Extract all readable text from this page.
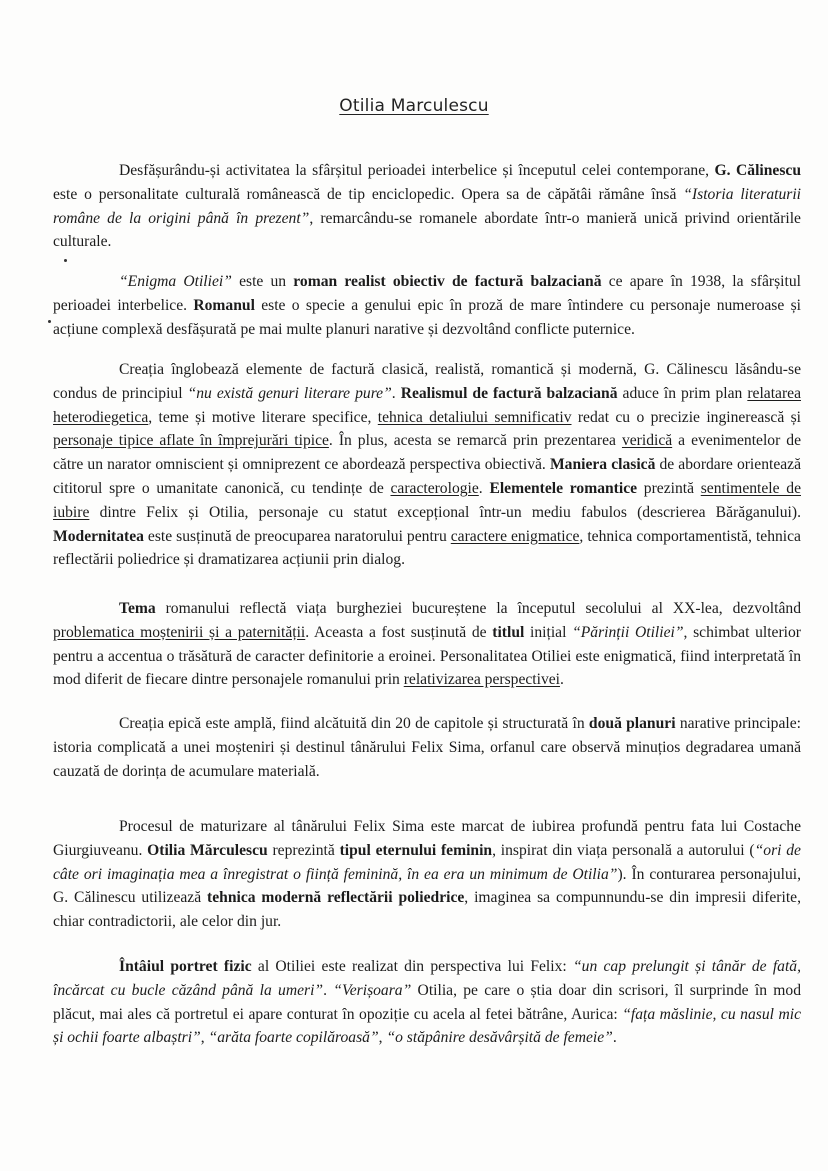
Otilia Marculescu
Desfășurându-și activitatea la sfârșitul perioadei interbelice și începutul celei contemporane, G. Călinescu este o personalitate culturală românească de tip enciclopedic. Opera sa de căpătâi rămâne însă “Istoria literaturii române de la origini până în prezent”, remarcându-se romanele abordate într-o manieră unică privind orientările culturale.
“Enigma Otiliei” este un roman realist obiectiv de factură balzaciană ce apare în 1938, la sfârșitul perioadei interbelice. Romanul este o specie a genului epic în proză de mare întindere cu personaje numeroase și acțiune complexă desfășurată pe mai multe planuri narative și dezvoltând conflicte puternice.
Creația înglobează elemente de factură clasică, realistă, romantică și modernă, G. Călinescu lăsându-se condus de principiul “nu există genuri literare pure”. Realismul de factură balzaciană aduce în prim plan relatarea heterodiegetica, teme și motive literare specifice, tehnica detaliului semnificativ redat cu o precizie inginerească și personaje tipice aflate în împrejurări tipice. În plus, acesta se remarcă prin prezentarea veridică a evenimentelor de către un narator omniscient și omniprezent ce abordează perspectiva obiectivă. Maniera clasică de abordare orientează cititorul spre o umanitate canonică, cu tendințe de caracterologie. Elementele romantice prezintă sentimentele de iubire dintre Felix și Otilia, personaje cu statut excepțional într-un mediu fabulos (descrierea Bărăganului). Modernitatea este susținută de preocuparea naratorului pentru caractere enigmatice, tehnica comportamentistă, tehnica reflectării poliedrice și dramatizarea acțiunii prin dialog.
Tema romanului reflectă viața burgheziei bucureștene la începutul secolului al XX-lea, dezvoltând problematica moștenirii și a paternității. Aceasta a fost susținută de titlul inițial “Părinții Otiliei”, schimbat ulterior pentru a accentua o trăsătură de caracter definitorie a eroinei. Personalitatea Otiliei este enigmatică, fiind interpretată în mod diferit de fiecare dintre personajele romanului prin relativizarea perspectivei.
Creația epică este amplă, fiind alcătuită din 20 de capitole și structurată în două planuri narative principale: istoria complicată a unei moșteniri și destinul tânărului Felix Sima, orfanul care observă minuțios degradarea umană cauzată de dorința de acumulare materială.
Procesul de maturizare al tânărului Felix Sima este marcat de iubirea profundă pentru fata lui Costache Giurgiuveanu. Otilia Mărculescu reprezintă tipul eternului feminin, inspirat din viața personală a autorului (“ori de câte ori imaginația mea a înregistrat o ființă feminină, în ea era un minimum de Otilia”). În conturarea personajului, G. Călinescu utilizează tehnica modernă reflectării poliedrice, imaginea sa compunnundu-se din impresii diferite, chiar contradictorii, ale celor din jur.
Întâiul portret fizic al Otiliei este realizat din perspectiva lui Felix: “un cap prelungit și tânăr de fată, încărcat cu bucle căzând până la umeri”. “Verișoara” Otilia, pe care o știa doar din scrisori, îl surprinde în mod plăcut, mai ales că portretul ei apare conturat în opoziție cu acela al fetei bătrâne, Aurica: “fața măslinie, cu nasul mic și ochii foarte albaștri”, “arăta foarte copilăroasă”, “o stăpânire desăvârșită de femeie”.
